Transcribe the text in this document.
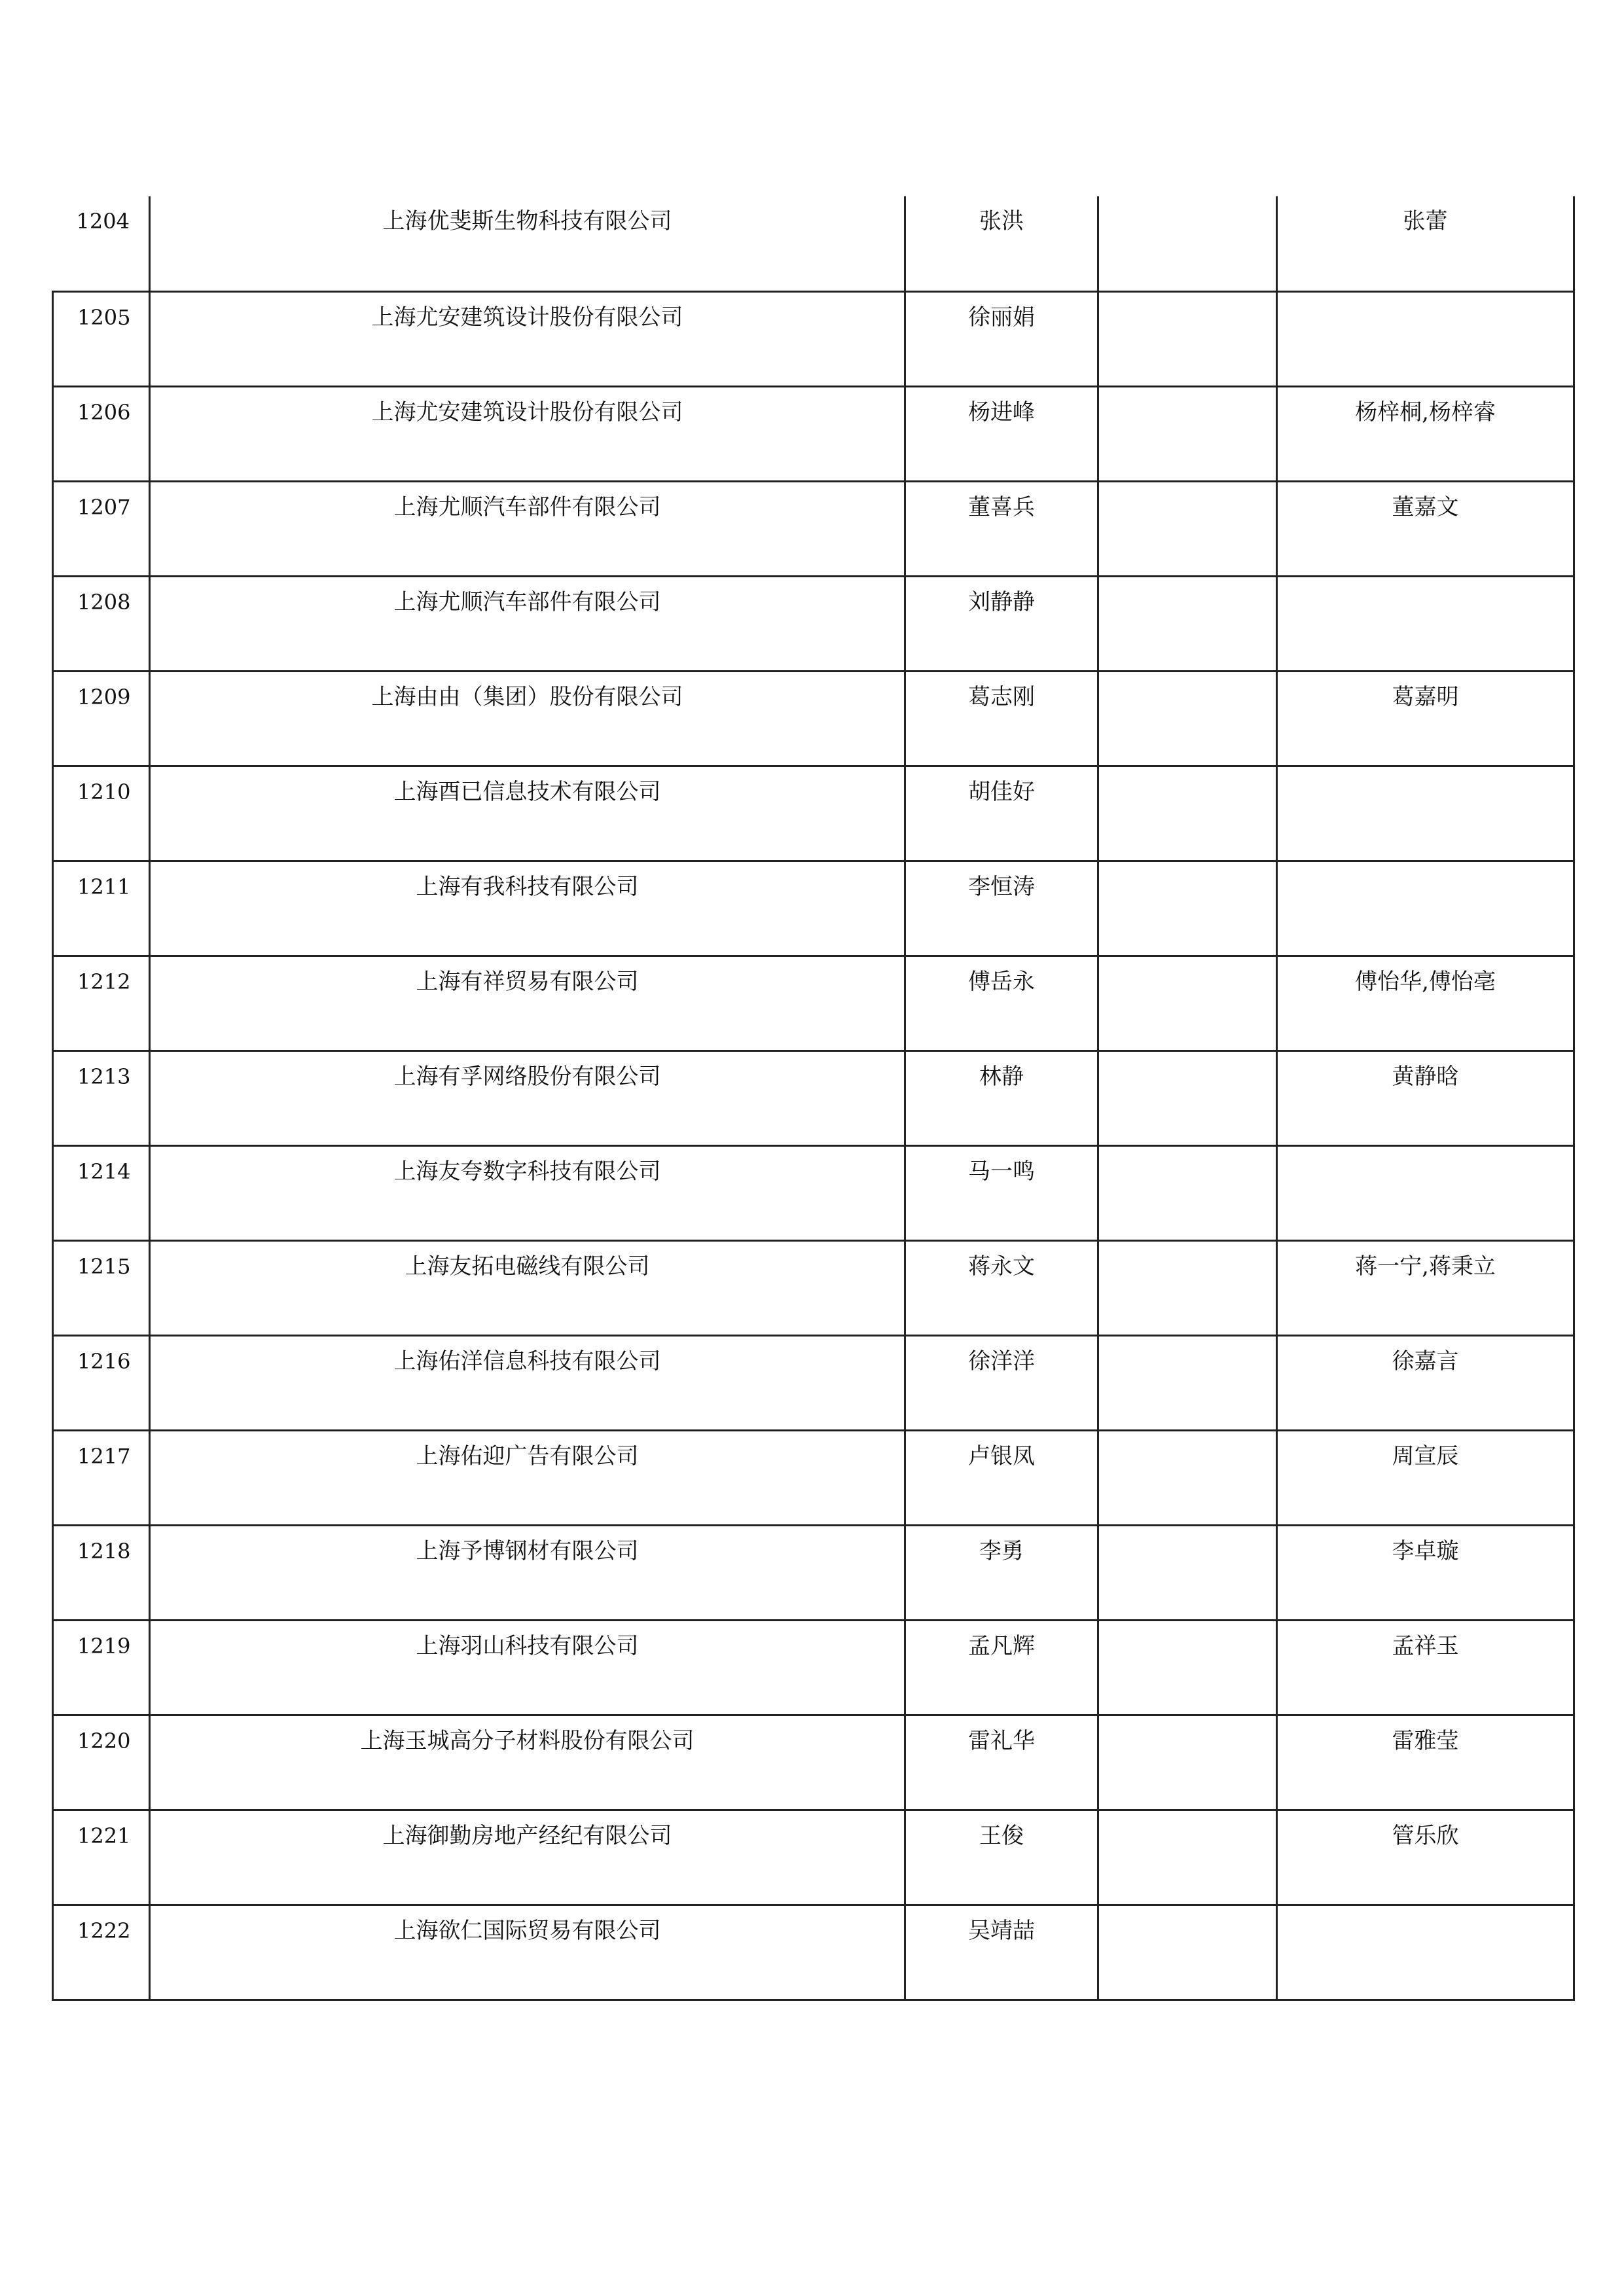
1204	上海优斐斯生物科技有限公司	张洪		张蕾
1205	上海尤安建筑设计股份有限公司	徐丽娟		
1206	上海尤安建筑设计股份有限公司	杨进峰		杨梓桐,杨梓睿
1207	上海尤顺汽车部件有限公司	董喜兵		董嘉文
1208	上海尤顺汽车部件有限公司	刘静静		
1209	上海由由（集团）股份有限公司	葛志刚		葛嘉明
1210	上海酉已信息技术有限公司	胡佳好		
1211	上海有我科技有限公司	李恒涛		
1212	上海有祥贸易有限公司	傅岳永		傅怡华,傅怡亳
1213	上海有孚网络股份有限公司	林静		黄静晗
1214	上海友夸数字科技有限公司	马一鸣		
1215	上海友拓电磁线有限公司	蒋永文		蒋一宁,蒋秉立
1216	上海佑洋信息科技有限公司	徐洋洋		徐嘉言
1217	上海佑迎广告有限公司	卢银凤		周宣辰
1218	上海予博钢材有限公司	李勇		李卓璇
1219	上海羽山科技有限公司	孟凡辉		孟祥玉
1220	上海玉城高分子材料股份有限公司	雷礼华		雷雅莹
1221	上海御勤房地产经纪有限公司	王俊		管乐欣
1222	上海欲仁国际贸易有限公司	吴靖喆		
